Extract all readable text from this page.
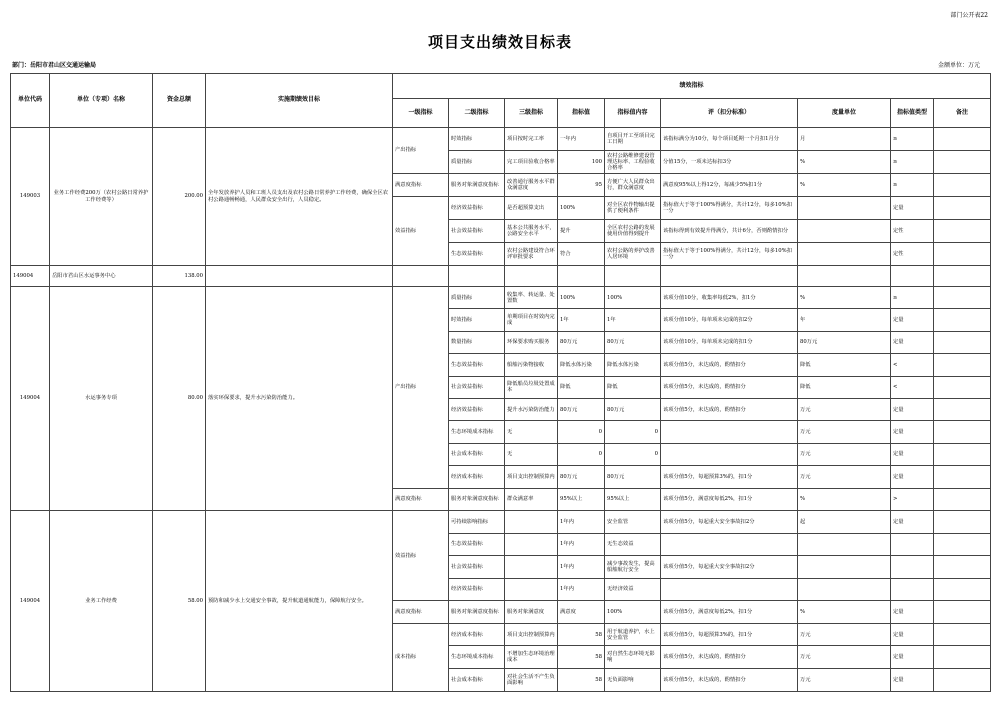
部门公开表22
项目支出绩效目标表
部门：岳阳市君山区交通运输局	金额单位：万元
单位代码	单位（专项）名称	资金总额	实施期绩效目标	绩效指标								
				一级指标	二级指标	三级指标	指标值	指标值内容	评（扣分标准）	度量单位	指标值类型	备注
149003	业务工作经费200万（农村公路日常养护工作经费等）	200.00	全年发放养护人员和工班人员支出及农村公路日常养护工作经费，确保全区农村公路通畅畅通，人民群众安全出行，人员稳定。	产出指标	时效指标	项目按时完工率	一年内	自项目开工至项目完工日期	该指标满分为10分，每个项目延期一个月扣1月分	月	≥	
					质量指标	完工项目验收合格率	100	农村公路维修建设管理达标率、工程验收合格率	分值15分，一项未达标扣3分	%	≥	
				满意度指标	服务对象满意度指标	改善通行服务水平群众满意度	95	方便广大人民群众出行，群众满意度	满意度95%以上得12分，每减少5%扣1分	%	≥	
				效益指标	经济效益指标	是否超预算支出	100%	对全区农作物输出提供了便利条件	指标值大于等于100%得满分，共计12分，每多10%扣一分		定量	
					社会效益指标	基本公共服务水平，公路安全水平	提升	全区农村公路的发展使用价值得到提升	该指标得到有效提升得满分，共计6分，否则酌情扣分		定性	
					生态效益指标	农村公路建设符合环评审批要求	符合	农村公路的养护改善人居环境	指标值大于等于100%得满分，共计12分，每多10%扣一分		定性	
149004	岳阳市君山区水运事务中心	138.00										
149004	水运事务专项	80.00	落实环保要求，提升水污染防治能力。	产出指标	质量指标	收集率、转运量、处置数	100%	100%	该项分值10分，收集率每低2%，扣1分	%	≥	
					时效指标	单期项目在时效内完成	1年	1年	该项分值10分，每单项未完成的扣2分	年	定量	
					数量指标	环保要求购买服务	80万元	80万元	该项分值10分，每单项未完成的扣1分	80万元	定量	
					生态效益指标	船舶污染物接收	降低水体污染	降低水体污染	该项分值5分，未达成的，酌情扣分	降低	<	
					社会效益指标	降低船员垃圾处置成本	降低	降低	该项分值5分，未达成的，酌情扣分	降低	<	
					经济效益指标	提升水污染防治能力	80万元	80万元	该项分值5分，未达成的，酌情扣分	万元	定量	
					生态环境成本指标	无	0	0		万元	定量	
					社会成本指标	无	0	0		万元	定量	
					经济成本指标	项目支出控制预算内	80万元	80万元	该项分值5分，每超预算3%的，扣1分	万元	定量	
				满意度指标	服务对象满意度指标	群众满意率	95%以上	95%以上	该项分值5分，满意度每低2%，扣1分	%	>	
149004	业务工作经费	58.00	预防和减少水上交通安全事故，提升航道通航能力，保障航行安全。	效益指标	可持续影响指标		1年内	安全监管	该项分值5分，每起重大安全事故扣2分	起	定量	
					生态效益指标		1年内	无生态效益				
					社会效益指标		1年内	减少事故发生，提高船舶航行安全	该项分值5分，每起重大安全事故扣2分			
					经济效益指标		1年内	无经济效益				
				满意度指标	服务对象满意度指标	服务对象满意度	满意度	100%	该项分值5分，满意度每低2%，扣1分	%	定量	
				成本指标	经济成本指标	项目支出控制预算内	58	用于航道养护，水上安全监管	该项分值5分，每超预算3%的，扣1分	万元	定量	
					生态环境成本指标	不增加生态环境治理成本	58	对自然生态环境无影响	该项分值5分，未达成的，酌情扣分	万元	定量	
					社会成本指标	对社会生活不产生负面影响	58	无负面影响	该项分值5分，未达成的，酌情扣分	万元	定量	
